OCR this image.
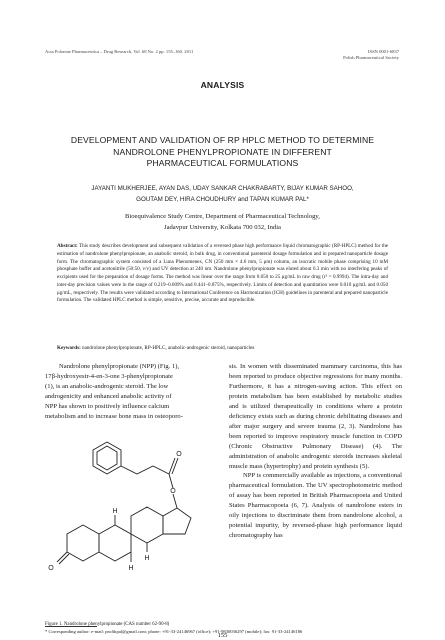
Acta Poloniae Pharmaceutica – Drug Research, Vol. 68 No. 2 pp. 155–160, 2011	ISSN 0001-6837
Polish Pharmaceutical Society
ANALYSIS
DEVELOPMENT AND VALIDATION OF RP HPLC METHOD TO DETERMINE
NANDROLONE PHENYLPROPIONATE IN DIFFERENT
PHARMACEUTICAL FORMULATIONS
JAYANTI MUKHERJEE, AYAN DAS, UDAY SANKAR CHAKRABARTY, BIJAY KUMAR SAHOO,
GOUTAM DEY, HIRA CHOUDHURY and TAPAN KUMAR PAL*
Bioequivalence Study Centre, Department of Pharmaceutical Technology,
Jadavpur University, Kolkata 700 032, India
Abstract: This study describes development and subsequent validation of a reversed phase high performance liquid chromatographic (RP-HPLC) method for the estimation of nandrolone phenylpropionate, an anabolic steroid, in bulk drug, in conventional parenteral dosage formulation and in prepared nanoparticle dosage form. The chromatographic system consisted of a Luna Phenomenex, CN (250 mm × 4.6 mm, 5 μm) column, an isocratic mobile phase comprising 10 mM phosphate buffer and acetonitrile (50:50, v/v) and UV detection at 240 nm. Nandrolone phenylpropionate was eluted about 6.3 min with no interfering peaks of excipients used for the preparation of dosage forms. The method was linear over the range from 0.050 to 25 μg/mL in raw drug (r² = 0.9994). The intra-day and inter-day precision values were in the range of 0.219–0.609% and 0.441–0.875%, respectively. Limits of detection and quantitation were 0.010 μg/mL and 0.050 μg/mL, respectively. The results were validated according to International Conference on Harmonization (ICH) guidelines in parenteral and prepared nanoparticle formulation. The validated HPLC method is simple, sensitive, precise, accurate and reproducible.
Keywords: nandrolone phenylpropionate, RP-HPLC, anabolic-androgenic steroid, nanoparticles
Nandrolone phenylpropionate (NPP) (Fig. 1),
17β-hydroxyestr-4-en-3-one 3-phenylpropionate
(1), is an anabolic-androgenic steroid. The low
androgenicity and enhanced anabolic activity of
NPP has shown to positively influence calcium
metabolism and to increase bone mass in osteoporo-
sis. In women with disseminated mammary carcinoma, this has been reported to produce objective regressions for many months. Furthermore, it has a nitrogen-saving action. This effect on protein metabolism has been established by metabolic studies and is utilized therapeutically in conditions where a protein deficiency exists such as during chronic debilitating diseases and after major surgery and severe trauma (2, 3). Nandrolone has been reported to improve respiratory muscle function in COPD (Chronic Obstructive Pulmonary Disease) (4). The administration of anabolic androgenic steroids increases skeletal muscle mass (hypertrophy) and protein synthesis (5).
NPP is commercially available as injections, a conventional pharmaceutical formulation. The UV spectrophotometric method of assay has been reported in British Pharmacopoeia and United States Pharmacopoeia (6, 7). Analysis of nandrolone esters in oily injections to discriminate them from nandrolone alcohol, a potential impurity, by reversed-phase high performance liquid chromatography has
O
O
O
H
H
H
Figure 1. Nandrolone phenylpropionate (CAS number 62-90-8)
* Corresponding author: e-mail: proftkpal@gmail.com; phone: +91-33-24146967 (office); +91-9830036297 (mobile); fax: 91-33-24146186
155
